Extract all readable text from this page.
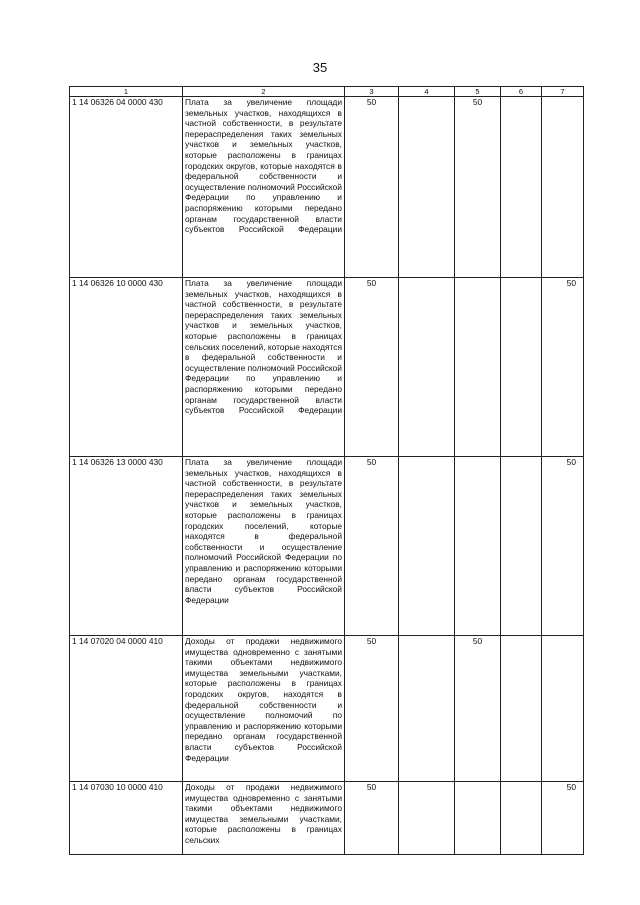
35
1	2	3	4	5	6	7
1 14 06326 04 0000 430	Плата за увеличение площади земельных участков, находящихся в частной собственности, в результате перераспределения таких земельных участков и земельных участков, которые расположены в границах городских округов, которые находятся в федеральной собственности и осуществление полномочий Российской Федерации по управлению и распоряжению которыми передано органам государственной власти субъектов Российской Федерации	50		50		
1 14 06326 10 0000 430	Плата за увеличение площади земельных участков, находящихся в частной собственности, в результате перераспределения таких земельных участков и земельных участков, которые расположены в границах сельских поселений, которые находятся в федеральной собственности и осуществление полномочий Российской Федерации по управлению и распоряжению которыми передано органам государственной власти субъектов Российской Федерации	50				50
1 14 06326 13 0000 430	Плата за увеличение площади земельных участков, находящихся в частной собственности, в результате перераспределения таких земельных участков и земельных участков, которые расположены в границах городских поселений, которые находятся в федеральной собственности и осуществление полномочий Российской Федерации по управлению и распоряжению которыми передано органам государственной власти субъектов Российской Федерации	50				50
1 14 07020 04 0000 410	Доходы от продажи недвижимого имущества одновременно с занятыми такими объектами недвижимого имущества земельными участками, которые расположены в границах городских округов, находятся в федеральной собственности и осуществление полномочий по управлению и распоряжению которыми передано органам государственной власти субъектов Российской Федерации	50		50		
1 14 07030 10 0000 410	Доходы от продажи недвижимого имущества одновременно с занятыми такими объектами недвижимого имущества земельными участками, которые расположены в границах сельских	50				50
